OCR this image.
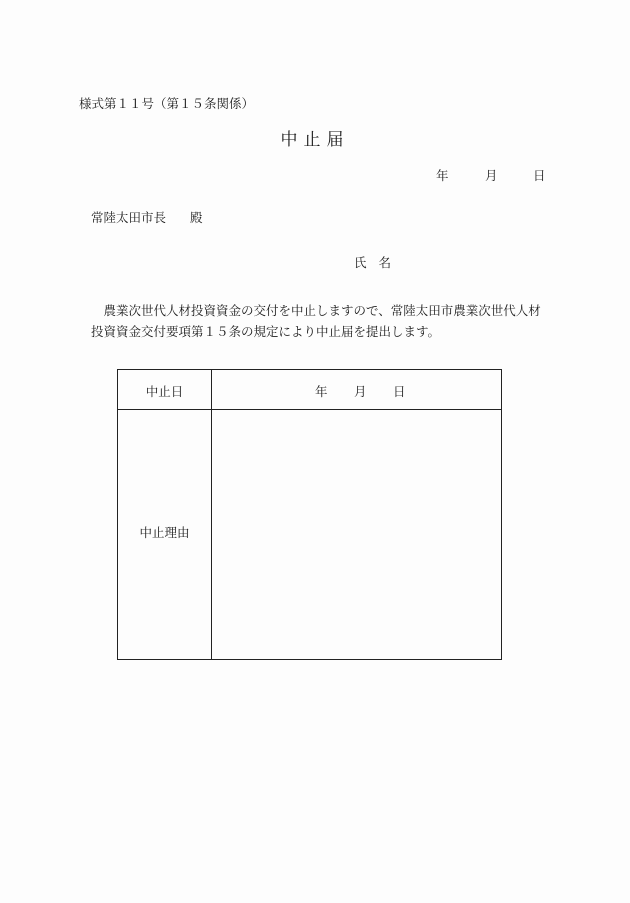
様式第１１号（第１５条関係）
中止届
年	月	日
常陸太田市長 殿
氏名
農業次世代人材投資資金の交付を中止しますので、常陸太田市農業次世代人材投資資金交付要項第１５条の規定により中止届を提出します。
中止日	年	月	日
中止理由
